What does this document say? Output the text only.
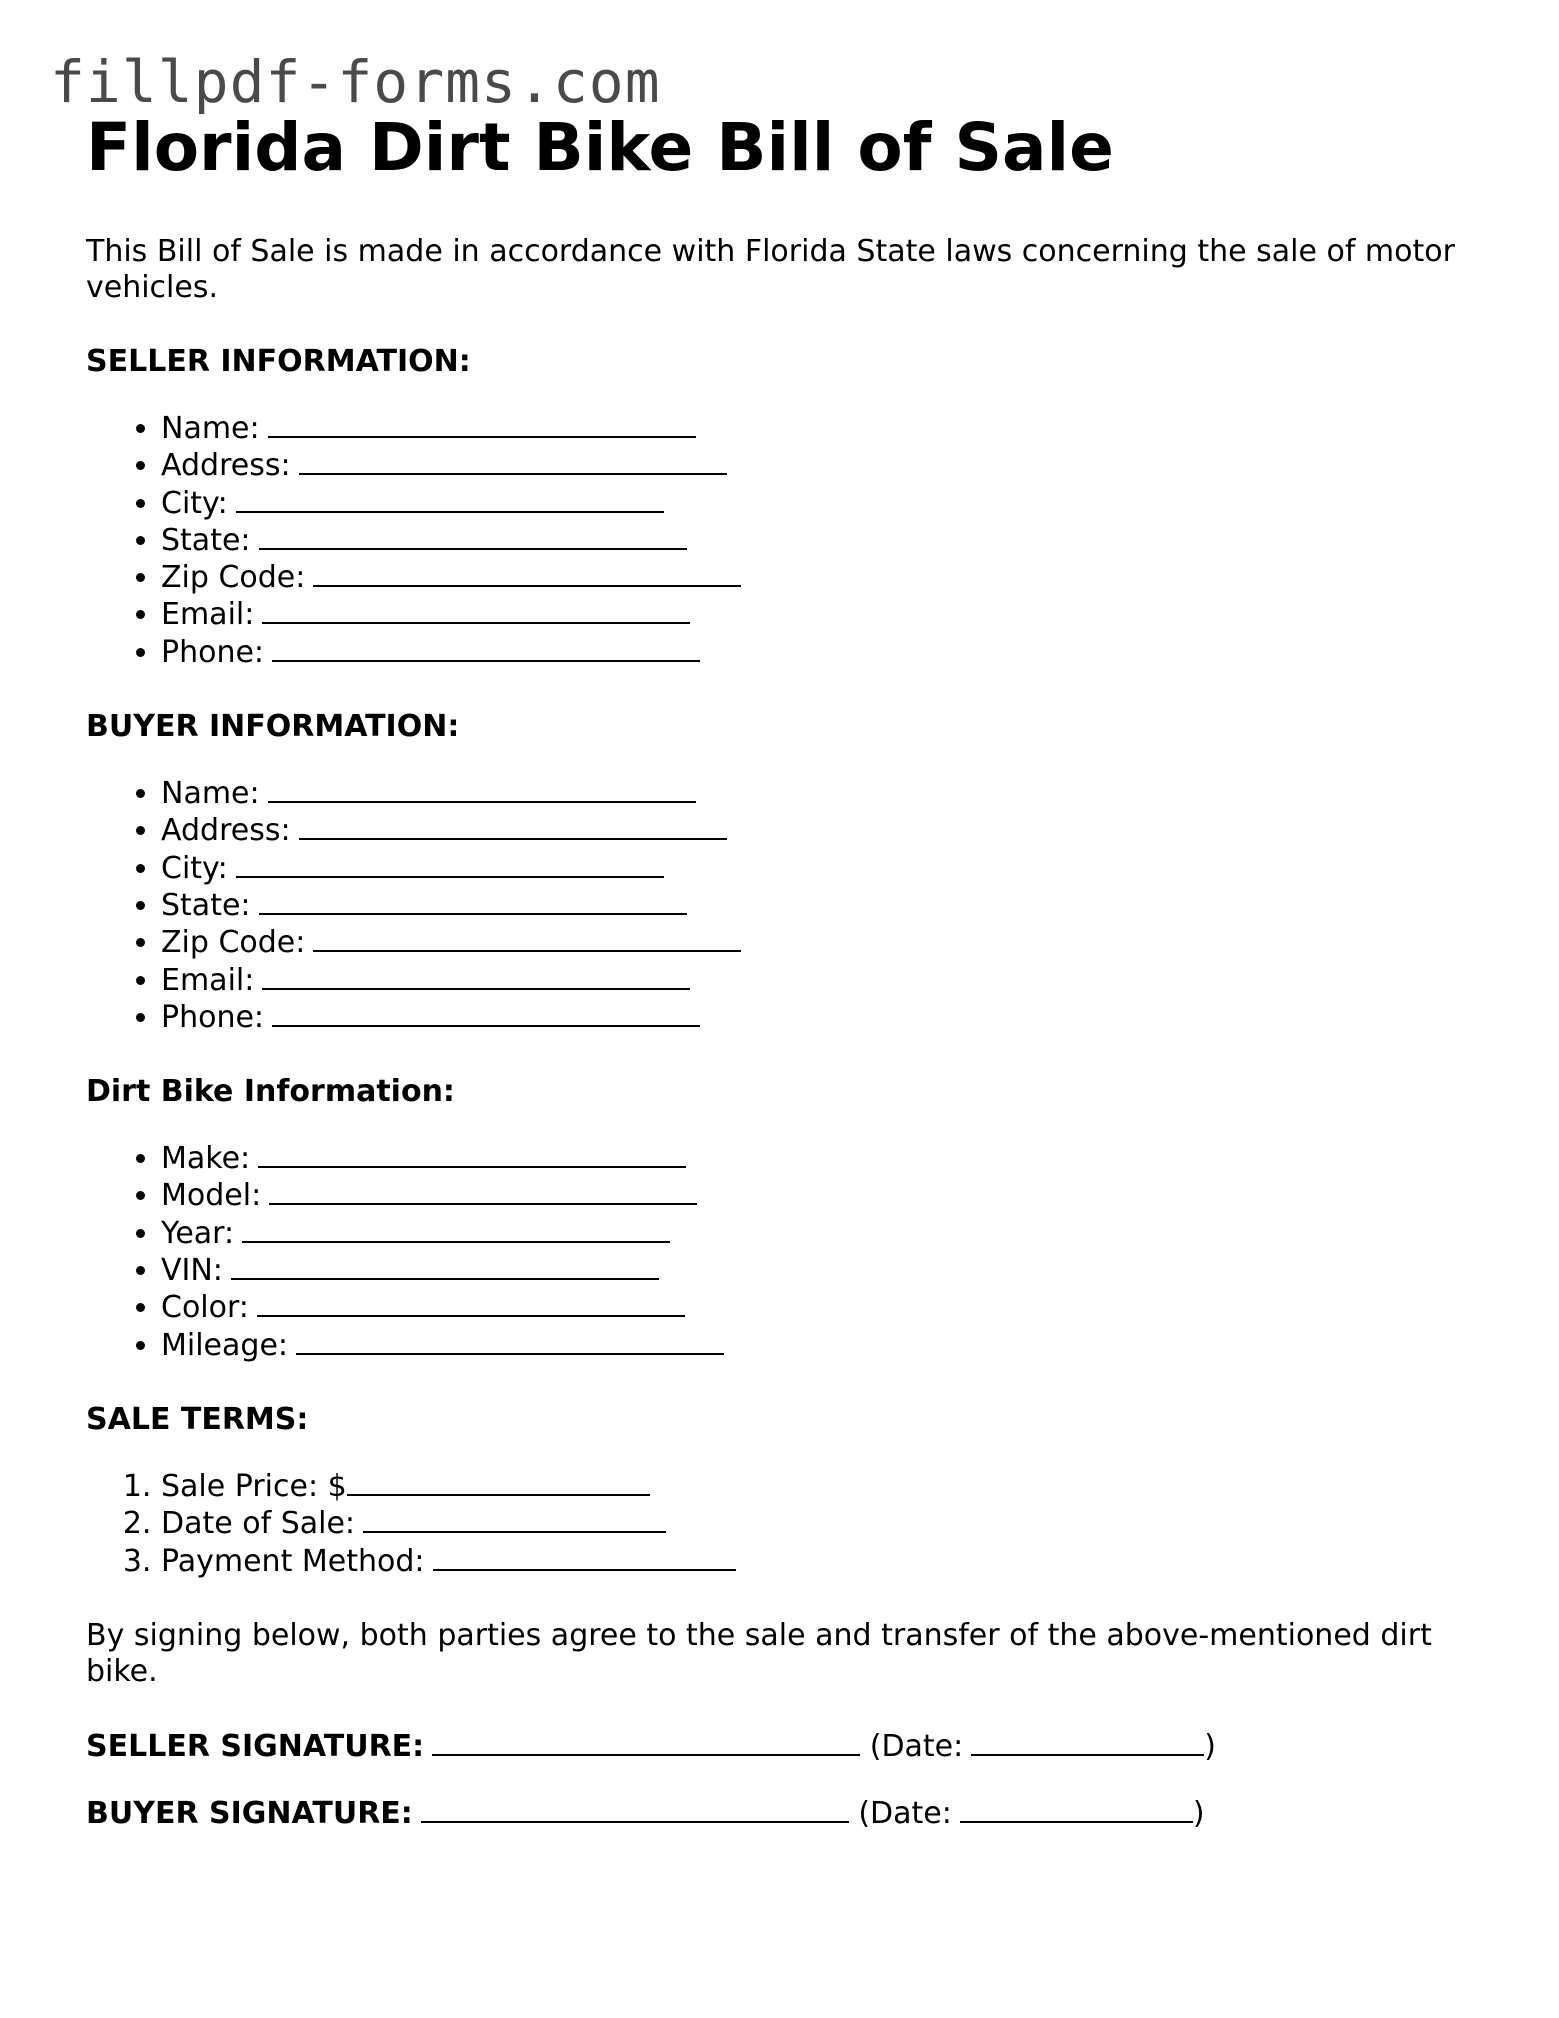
fillpdf-forms.com
Florida Dirt Bike Bill of Sale

This Bill of Sale is made in accordance with Florida State laws concerning the sale of motor vehicles.

SELLER INFORMATION:
• Name:
• Address:
• City:
• State:
• Zip Code:
• Email:
• Phone:
BUYER INFORMATION:
• Name:
• Address:
• City:
• State:
• Zip Code:
• Email:
• Phone:
Dirt Bike Information:
• Make:
• Model:
• Year:
• VIN:
• Color:
• Mileage:
SALE TERMS:
1. Sale Price: $
2. Date of Sale:
3. Payment Method:

By signing below, both parties agree to the sale and transfer of the above-mentioned dirt bike.

SELLER SIGNATURE:	(Date:	)
BUYER SIGNATURE:	(Date:	)
